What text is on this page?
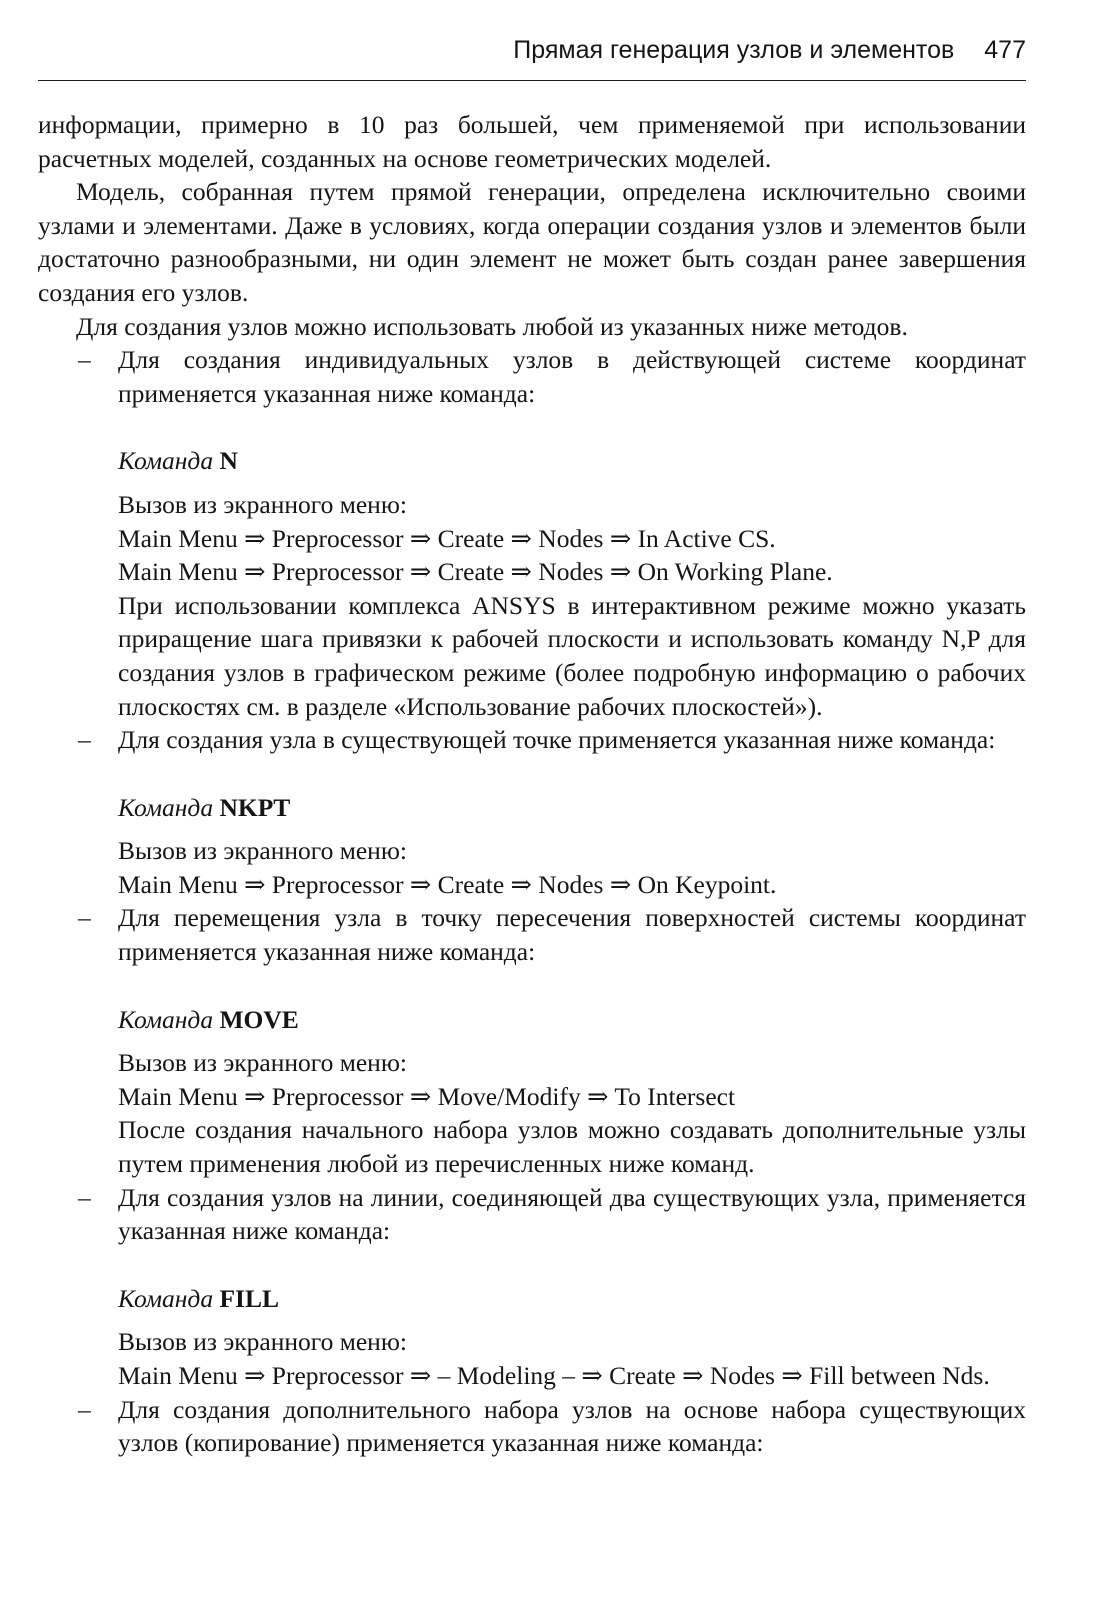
Прямая генерация узлов и элементов 477

информации, примерно в 10 раз большей, чем применяемой при использовании расчетных моделей, созданных на основе геометрических моделей.

Модель, собранная путем прямой генерации, определена исключительно своими узлами и элементами. Даже в условиях, когда операции создания узлов и элементов были достаточно разнообразными, ни один элемент не может быть создан ранее завершения создания его узлов.

Для создания узлов можно использовать любой из указанных ниже методов.

– Для создания индивидуальных узлов в действующей системе координат применяется указанная ниже команда:
Команда N
Вызов из экранного меню:
Main Menu ⇒ Preprocessor ⇒ Create ⇒ Nodes ⇒ In Active CS.
Main Menu ⇒ Preprocessor ⇒ Create ⇒ Nodes ⇒ On Working Plane.

При использовании комплекса ANSYS в интерактивном режиме можно указать приращение шага привязки к рабочей плоскости и использовать команду N,P для создания узлов в графическом режиме (более подробную информацию о рабочих плоскостях см. в разделе «Использование рабочих плоскостей»).

– Для создания узла в существующей точке применяется указанная ниже команда:
Команда NKPT
Вызов из экранного меню:
Main Menu ⇒ Preprocessor ⇒ Create ⇒ Nodes ⇒ On Keypoint.
– Для перемещения узла в точку пересечения поверхностей системы координат применяется указанная ниже команда:
Команда MOVE
Вызов из экранного меню:
Main Menu ⇒ Preprocessor ⇒ Move/Modify ⇒ To Intersect

После создания начального набора узлов можно создавать дополнительные узлы путем применения любой из перечисленных ниже команд.

– Для создания узлов на линии, соединяющей два существующих узла, применяется указанная ниже команда:
Команда FILL
Вызов из экранного меню:
Main Menu ⇒ Preprocessor ⇒ – Modeling – ⇒ Create ⇒ Nodes ⇒ Fill between Nds.
– Для создания дополнительного набора узлов на основе набора существующих узлов (копирование) применяется указанная ниже команда:
